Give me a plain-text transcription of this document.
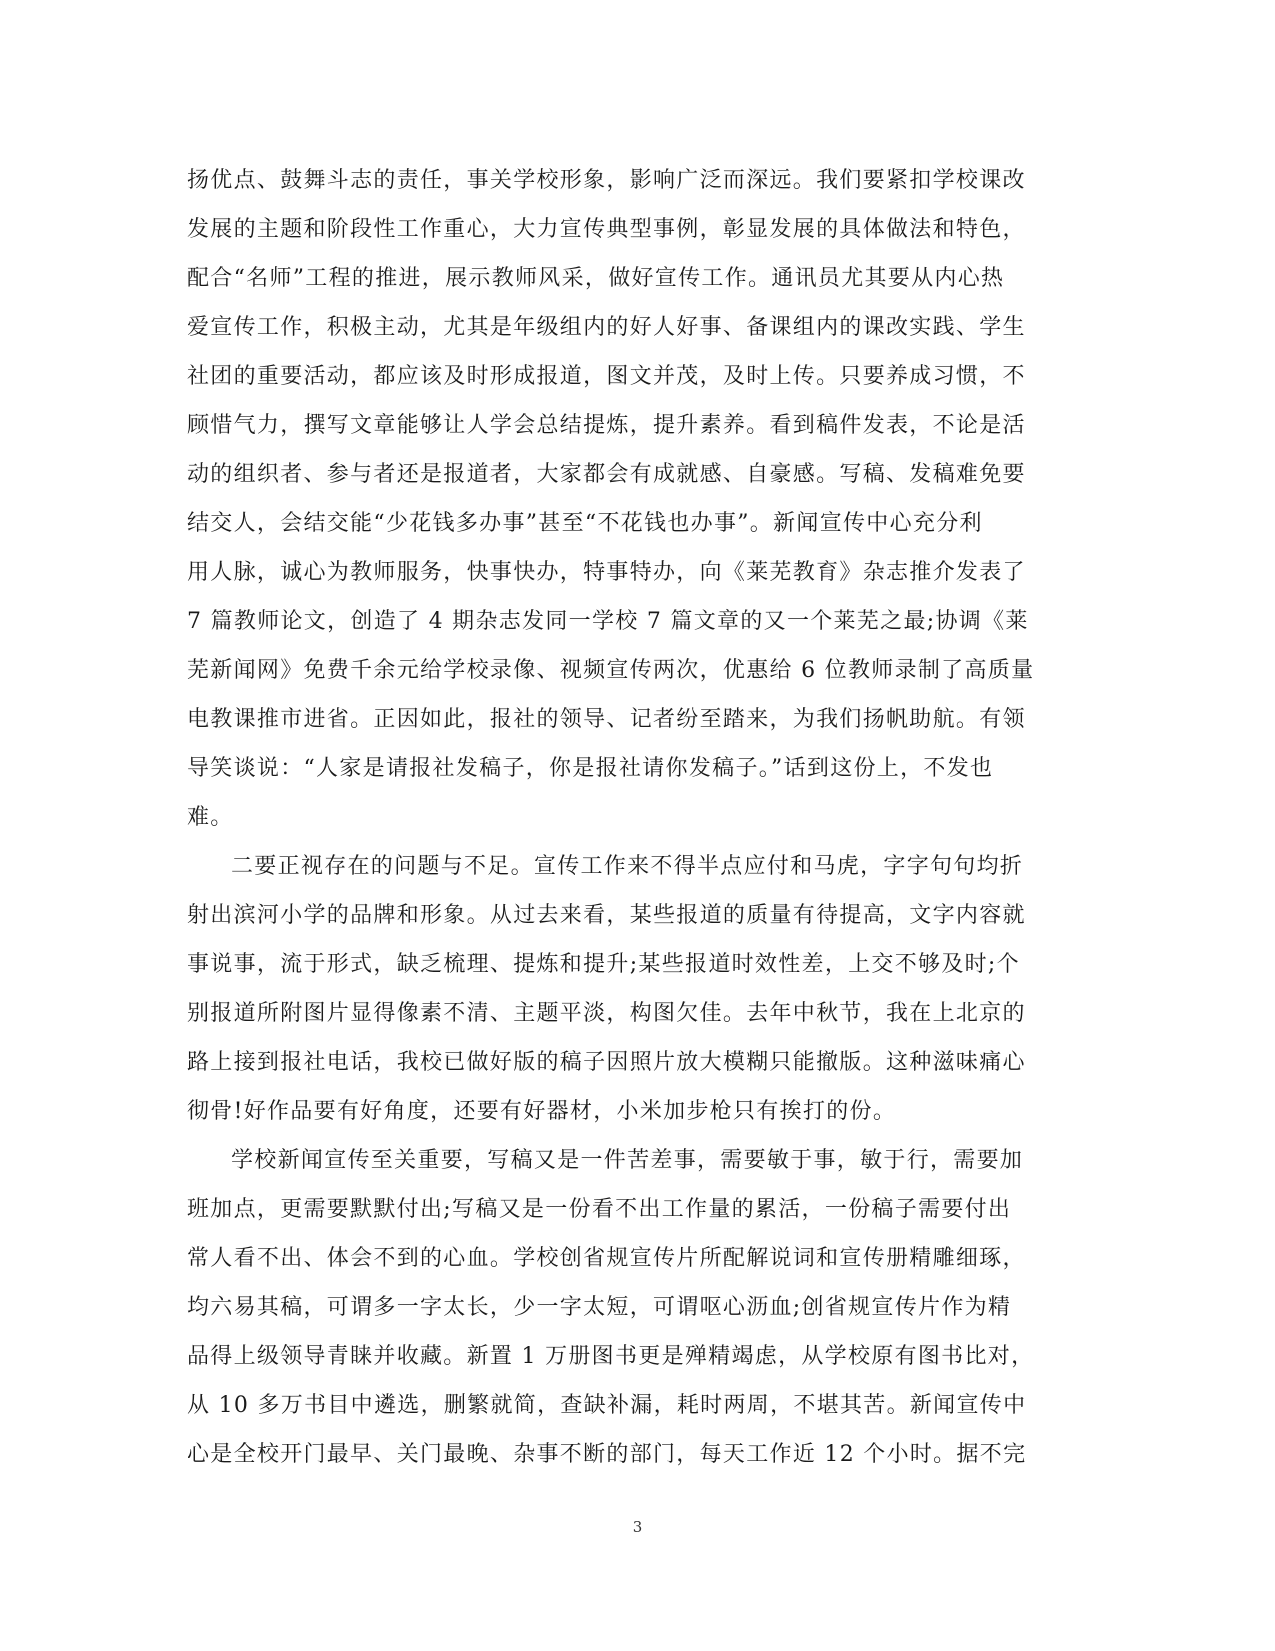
扬优点、鼓舞斗志的责任，事关学校形象，影响广泛而深远。我们要紧扣学校课改
发展的主题和阶段性工作重心，大力宣传典型事例，彰显发展的具体做法和特色，
配合“名师”工程的推进，展示教师风采，做好宣传工作。通讯员尤其要从内心热
爱宣传工作，积极主动，尤其是年级组内的好人好事、备课组内的课改实践、学生
社团的重要活动，都应该及时形成报道，图文并茂，及时上传。只要养成习惯，不
顾惜气力，撰写文章能够让人学会总结提炼，提升素养。看到稿件发表，不论是活
动的组织者、参与者还是报道者，大家都会有成就感、自豪感。写稿、发稿难免要
结交人，会结交能“少花钱多办事”甚至“不花钱也办事”。新闻宣传中心充分利
用人脉，诚心为教师服务，快事快办，特事特办，向《莱芜教育》杂志推介发表了
7 篇教师论文，创造了 4 期杂志发同一学校 7 篇文章的又一个莱芜之最;协调《莱
芜新闻网》免费千余元给学校录像、视频宣传两次，优惠给 6 位教师录制了高质量
电教课推市进省。正因如此，报社的领导、记者纷至踏来，为我们扬帆助航。有领
导笑谈说：“人家是请报社发稿子，你是报社请你发稿子。”话到这份上，不发也
难。
二要正视存在的问题与不足。宣传工作来不得半点应付和马虎，字字句句均折
射出滨河小学的品牌和形象。从过去来看，某些报道的质量有待提高，文字内容就
事说事，流于形式，缺乏梳理、提炼和提升;某些报道时效性差，上交不够及时;个
别报道所附图片显得像素不清、主题平淡，构图欠佳。去年中秋节，我在上北京的
路上接到报社电话，我校已做好版的稿子因照片放大模糊只能撤版。这种滋味痛心
彻骨!好作品要有好角度，还要有好器材，小米加步枪只有挨打的份。
学校新闻宣传至关重要，写稿又是一件苦差事，需要敏于事，敏于行，需要加
班加点，更需要默默付出;写稿又是一份看不出工作量的累活，一份稿子需要付出
常人看不出、体会不到的心血。学校创省规宣传片所配解说词和宣传册精雕细琢，
均六易其稿，可谓多一字太长，少一字太短，可谓呕心沥血;创省规宣传片作为精
品得上级领导青睐并收藏。新置 1 万册图书更是殚精竭虑，从学校原有图书比对，
从 10 多万书目中遴选，删繁就简，查缺补漏，耗时两周，不堪其苦。新闻宣传中
心是全校开门最早、关门最晚、杂事不断的部门，每天工作近 12 个小时。据不完
3
